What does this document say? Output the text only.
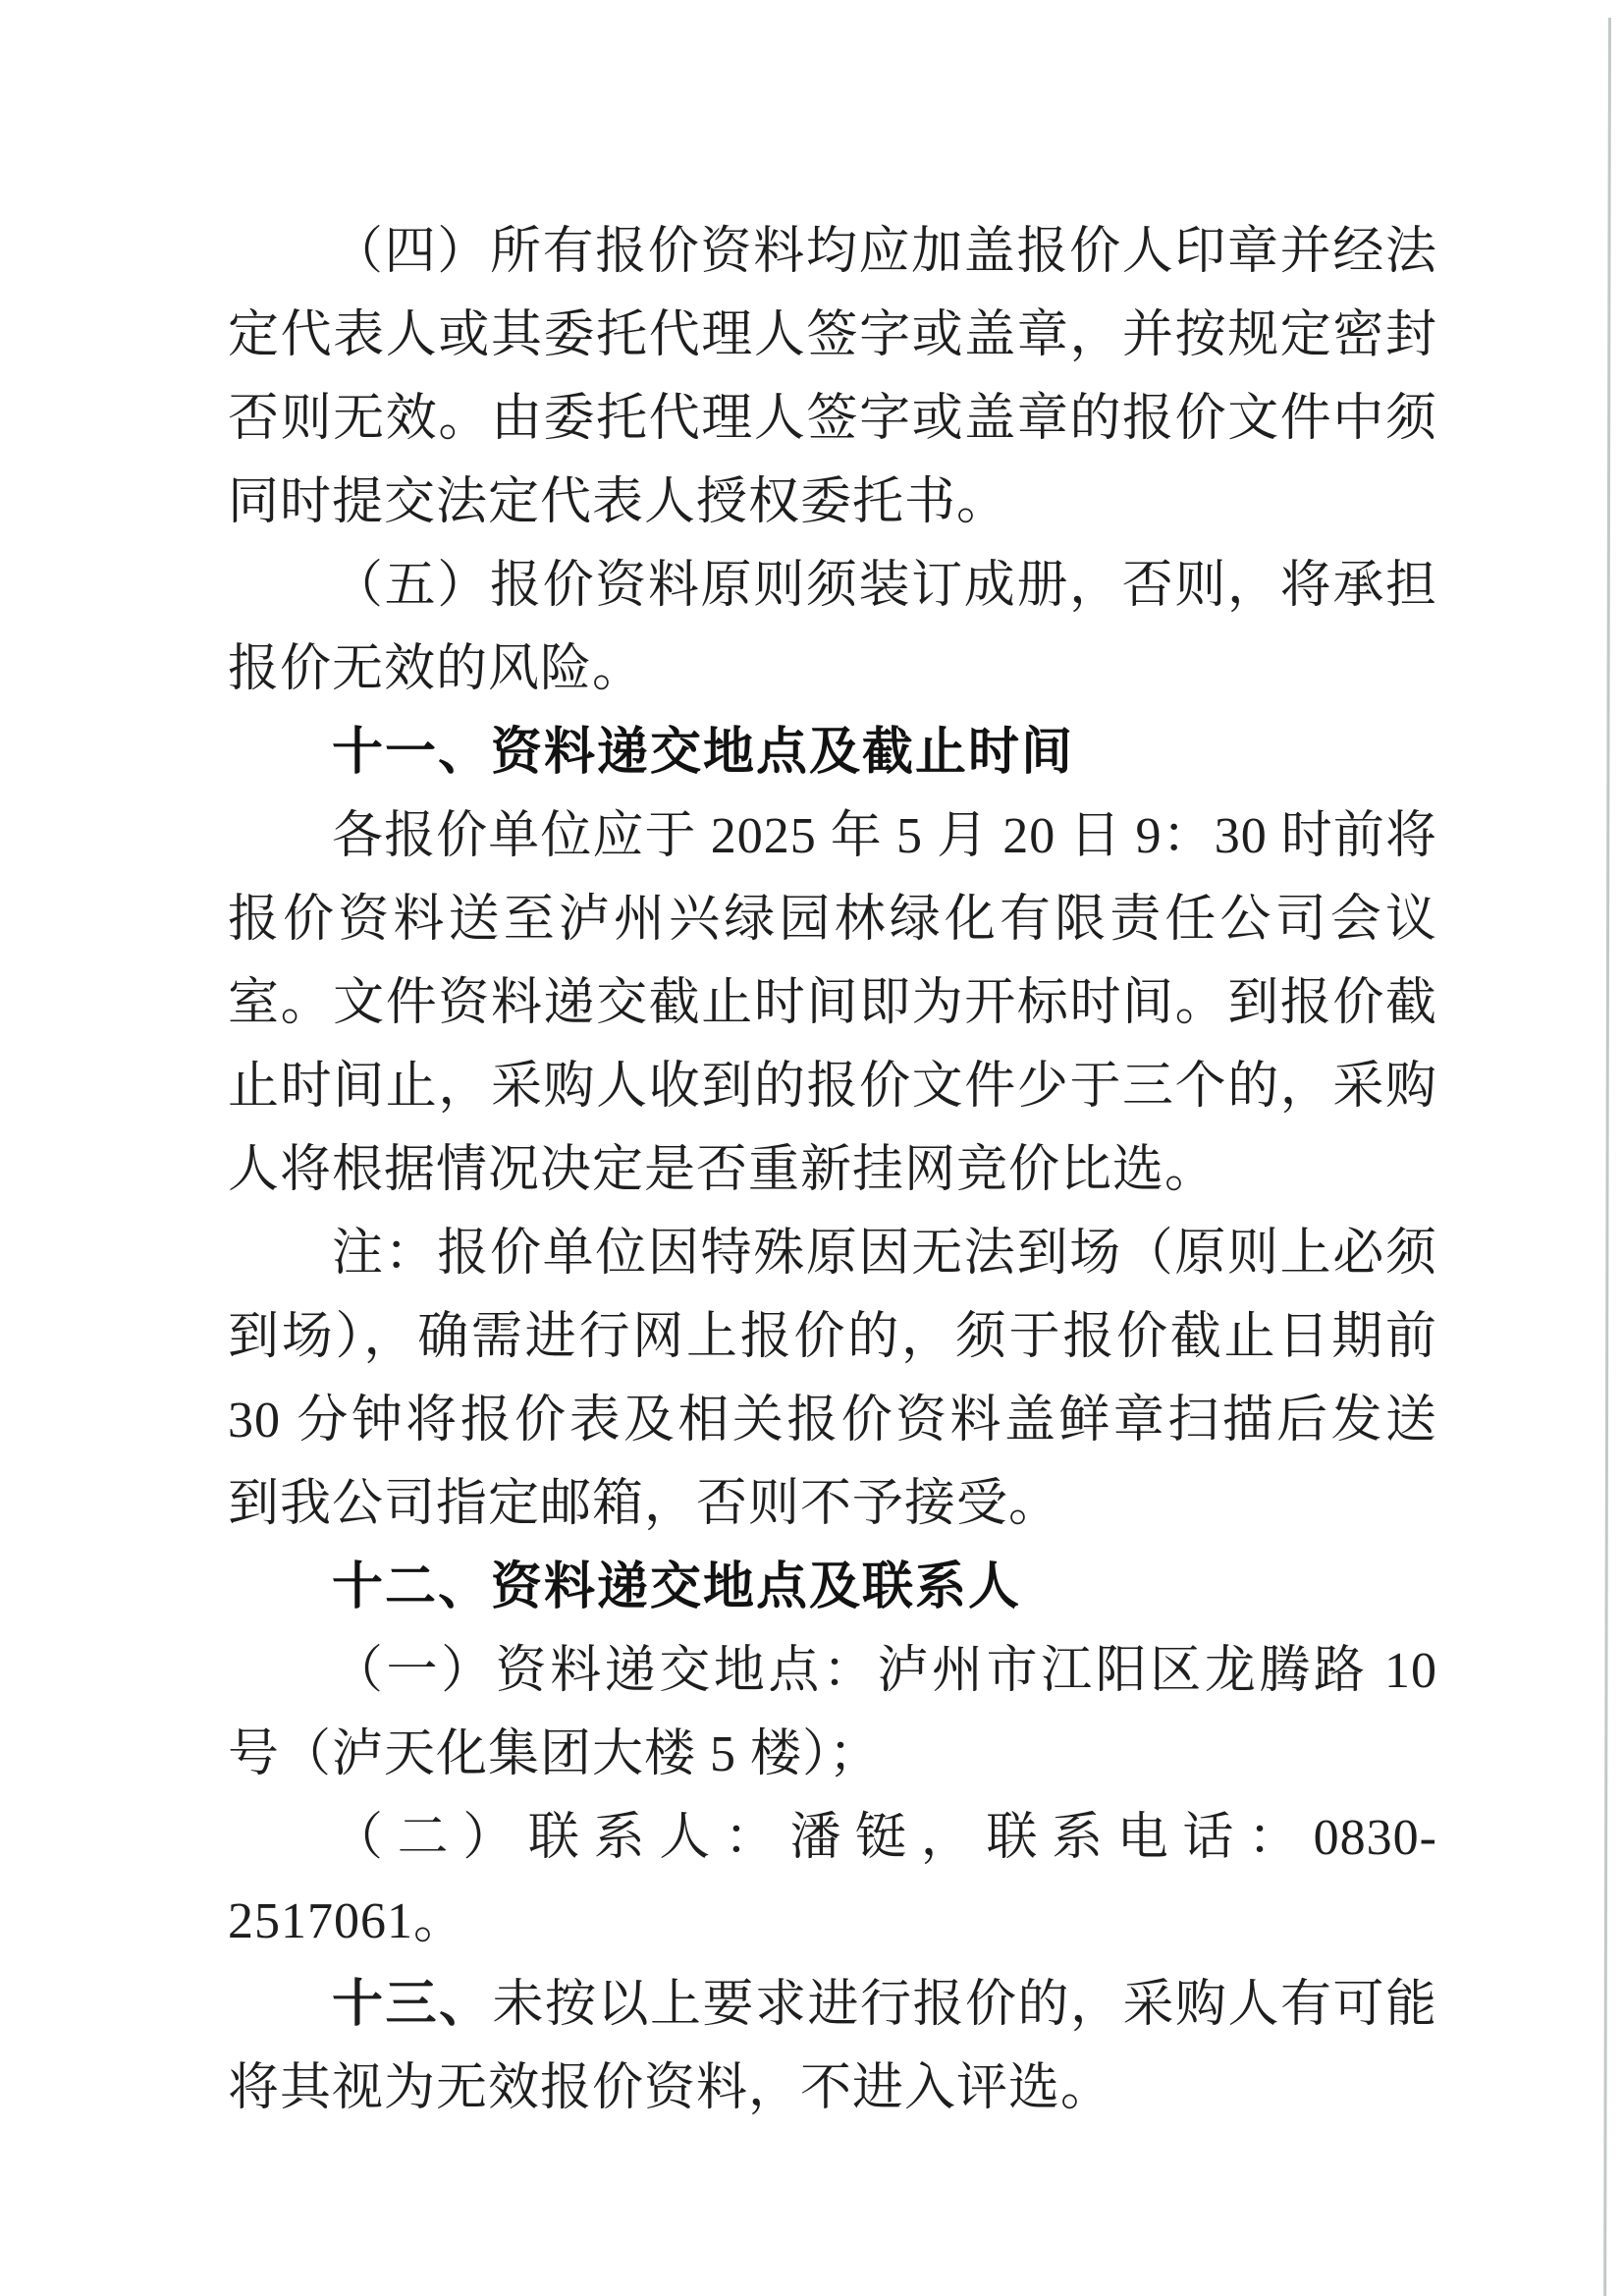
（四）所有报价资料均应加盖报价人印章并经法定代表人或其委托代理人签字或盖章，并按规定密封否则无效。由委托代理人签字或盖章的报价文件中须同时提交法定代表人授权委托书。
（五）报价资料原则须装订成册，否则，将承担报价无效的风险。
十一、资料递交地点及截止时间
各报价单位应于 2025 年 5 月 20 日 9：30 时前将报价资料送至泸州兴绿园林绿化有限责任公司会议室。文件资料递交截止时间即为开标时间。到报价截止时间止，采购人收到的报价文件少于三个的，采购人将根据情况决定是否重新挂网竞价比选。
注：报价单位因特殊原因无法到场（原则上必须到场），确需进行网上报价的，须于报价截止日期前 30 分钟将报价表及相关报价资料盖鲜章扫描后发送到我公司指定邮箱，否则不予接受。
十二、资料递交地点及联系人
（一）资料递交地点：泸州市江阳区龙腾路 10 号（泸天化集团大楼 5 楼）；
（二）联系人：潘铤，联系电话：0830-2517061。
十三、未按以上要求进行报价的，采购人有可能将其视为无效报价资料，不进入评选。
